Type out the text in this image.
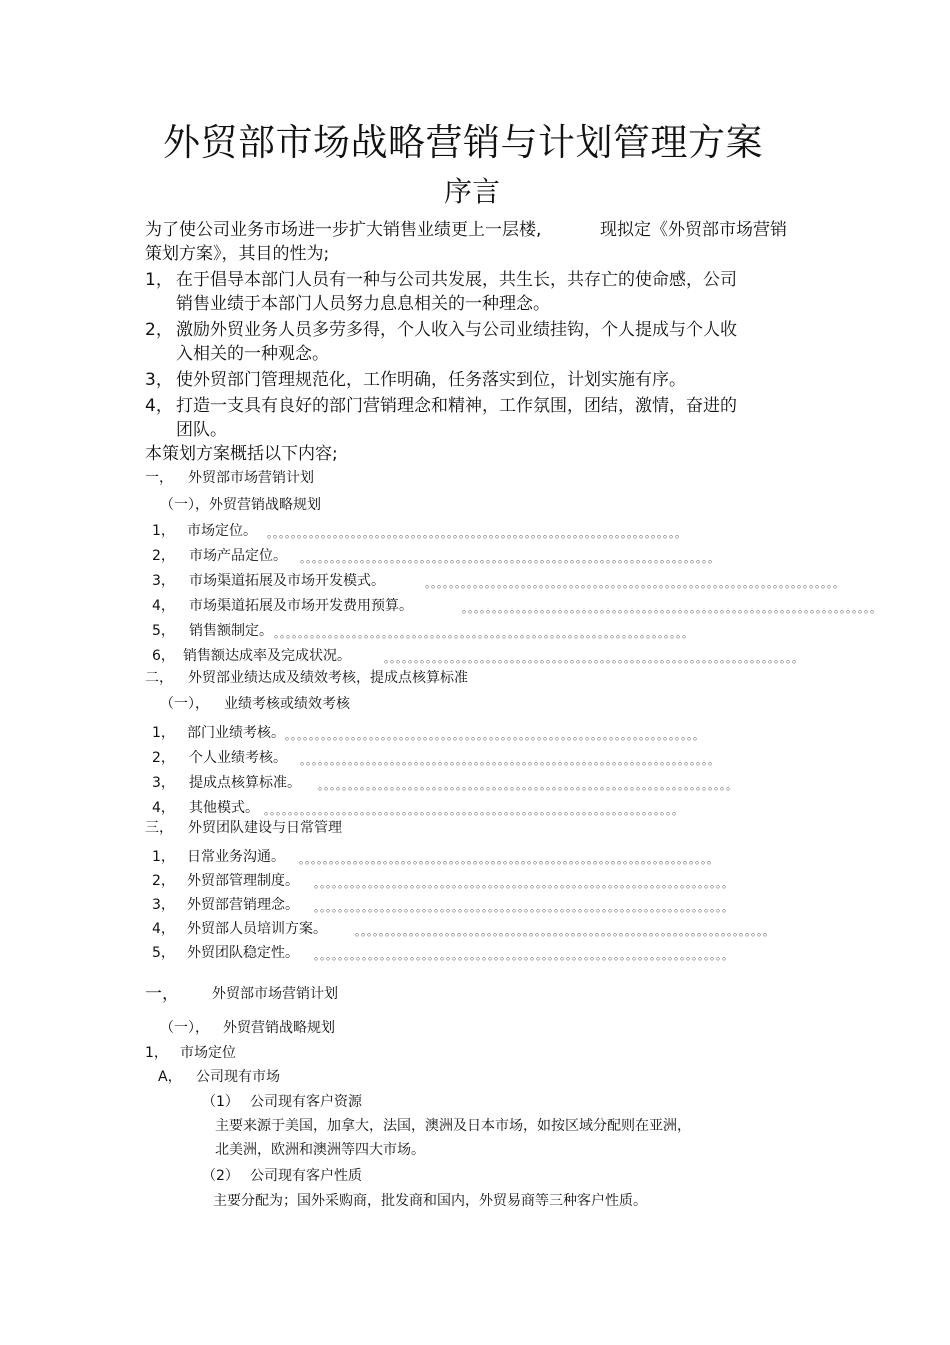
外贸部市场战略营销与计划管理方案
序言
为了使公司业务市场进一步扩大销售业绩更上一层楼,	现拟定《外贸部市场营销
策划方案》，其目的性为;
1， 在于倡导本部门人员有一种与公司共发展，共生长，共存亡的使命感，公司
销售业绩于本部门人员努力息息相关的一种理念。
2， 激励外贸业务人员多劳多得，个人收入与公司业绩挂钩，个人提成与个人收
入相关的一种观念。
3， 使外贸部门管理规范化，工作明确，任务落实到位，计划实施有序。
4， 打造一支具有良好的部门营销理念和精神，工作氛围，团结，激情，奋进的
团队。
本策划方案概括以下内容;
一， 外贸部市场营销计划
（一），外贸营销战略规划
1， 市场定位。 。。。。。。。。。。。。。。。。。。。。。。。。。。。。。。。。。。。。。。。。。。。。。。。。。。。。。。。。。。。。。。。。。。。。。
2， 市场产品定位。 。。。。。。。。。。。。。。。。。。。。。。。。。。。。。。。。。。。。。。。。。。。。。。。。。。。。。。。。。。。。。。。。。。。。。
3， 市场渠道拓展及市场开发模式。	。。。。。。。。。。。。。。。。。。。。。。。。。。。。。。。。。。。。。。。。。。。。。。。。。。。。。。。。。。。。。。。。。。。。。
4， 市场渠道拓展及市场开发费用预算。	。。。。。。。。。。。。。。。。。。。。。。。。。。。。。。。。。。。。。。。。。。。。。。。。。。。。。。。。。。。。。。。。。。。。。
5， 销售额制定。 。。。。。。。。。。。。。。。。。。。。。。。。。。。。。。。。。。。。。。。。。。。。。。。。。。。。。。。。。。。。。。。。。。。。。
6， 销售额达成率及完成状况。	。。。。。。。。。。。。。。。。。。。。。。。。。。。。。。。。。。。。。。。。。。。。。。。。。。。。。。。。。。。。。。。。。。。。。
二， 外贸部业绩达成及绩效考核，提成点核算标准
（一）， 业绩考核或绩效考核
1， 部门业绩考核。 。。。。。。。。。。。。。。。。。。。。。。。。。。。。。。。。。。。。。。。。。。。。。。。。。。。。。。。。。。。。。。。。。。。。。
2， 个人业绩考核。 。。。。。。。。。。。。。。。。。。。。。。。。。。。。。。。。。。。。。。。。。。。。。。。。。。。。。。。。。。。。。。。。。。。。。
3， 提成点核算标准。 。。。。。。。。。。。。。。。。。。。。。。。。。。。。。。。。。。。。。。。。。。。。。。。。。。。。。。。。。。。。。。。。。。。。。
4， 其他模式。 。。。。。。。。。。。。。。。。。。。。。。。。。。。。。。。。。。。。。。。。。。。。。。。。。。。。。。。。。。。。。。。。。。。。。
三， 外贸团队建设与日常管理
1， 日常业务沟通。 。。。。。。。。。。。。。。。。。。。。。。。。。。。。。。。。。。。。。。。。。。。。。。。。。。。。。。。。。。。。。。。。。。。。。
2， 外贸部管理制度。 。。。。。。。。。。。。。。。。。。。。。。。。。。。。。。。。。。。。。。。。。。。。。。。。。。。。。。。。。。。。。。。。。。。。。
3， 外贸部营销理念。 。。。。。。。。。。。。。。。。。。。。。。。。。。。。。。。。。。。。。。。。。。。。。。。。。。。。。。。。。。。。。。。。。。。。。
4， 外贸部人员培训方案。	。。。。。。。。。。。。。。。。。。。。。。。。。。。。。。。。。。。。。。。。。。。。。。。。。。。。。。。。。。。。。。。。。。。。。
5， 外贸团队稳定性。 。。。。。。。。。。。。。。。。。。。。。。。。。。。。。。。。。。。。。。。。。。。。。。。。。。。。。。。。。。。。。。。。。。。。。
一， 外贸部市场营销计划
（一）， 外贸营销战略规划
1， 市场定位
A， 公司现有市场
（1） 公司现有客户资源
主要来源于美国，加拿大，法国，澳洲及日本市场，如按区域分配则在亚洲，
北美洲，欧洲和澳洲等四大市场。
（2） 公司现有客户性质
主要分配为；国外采购商，批发商和国内，外贸易商等三种客户性质。
